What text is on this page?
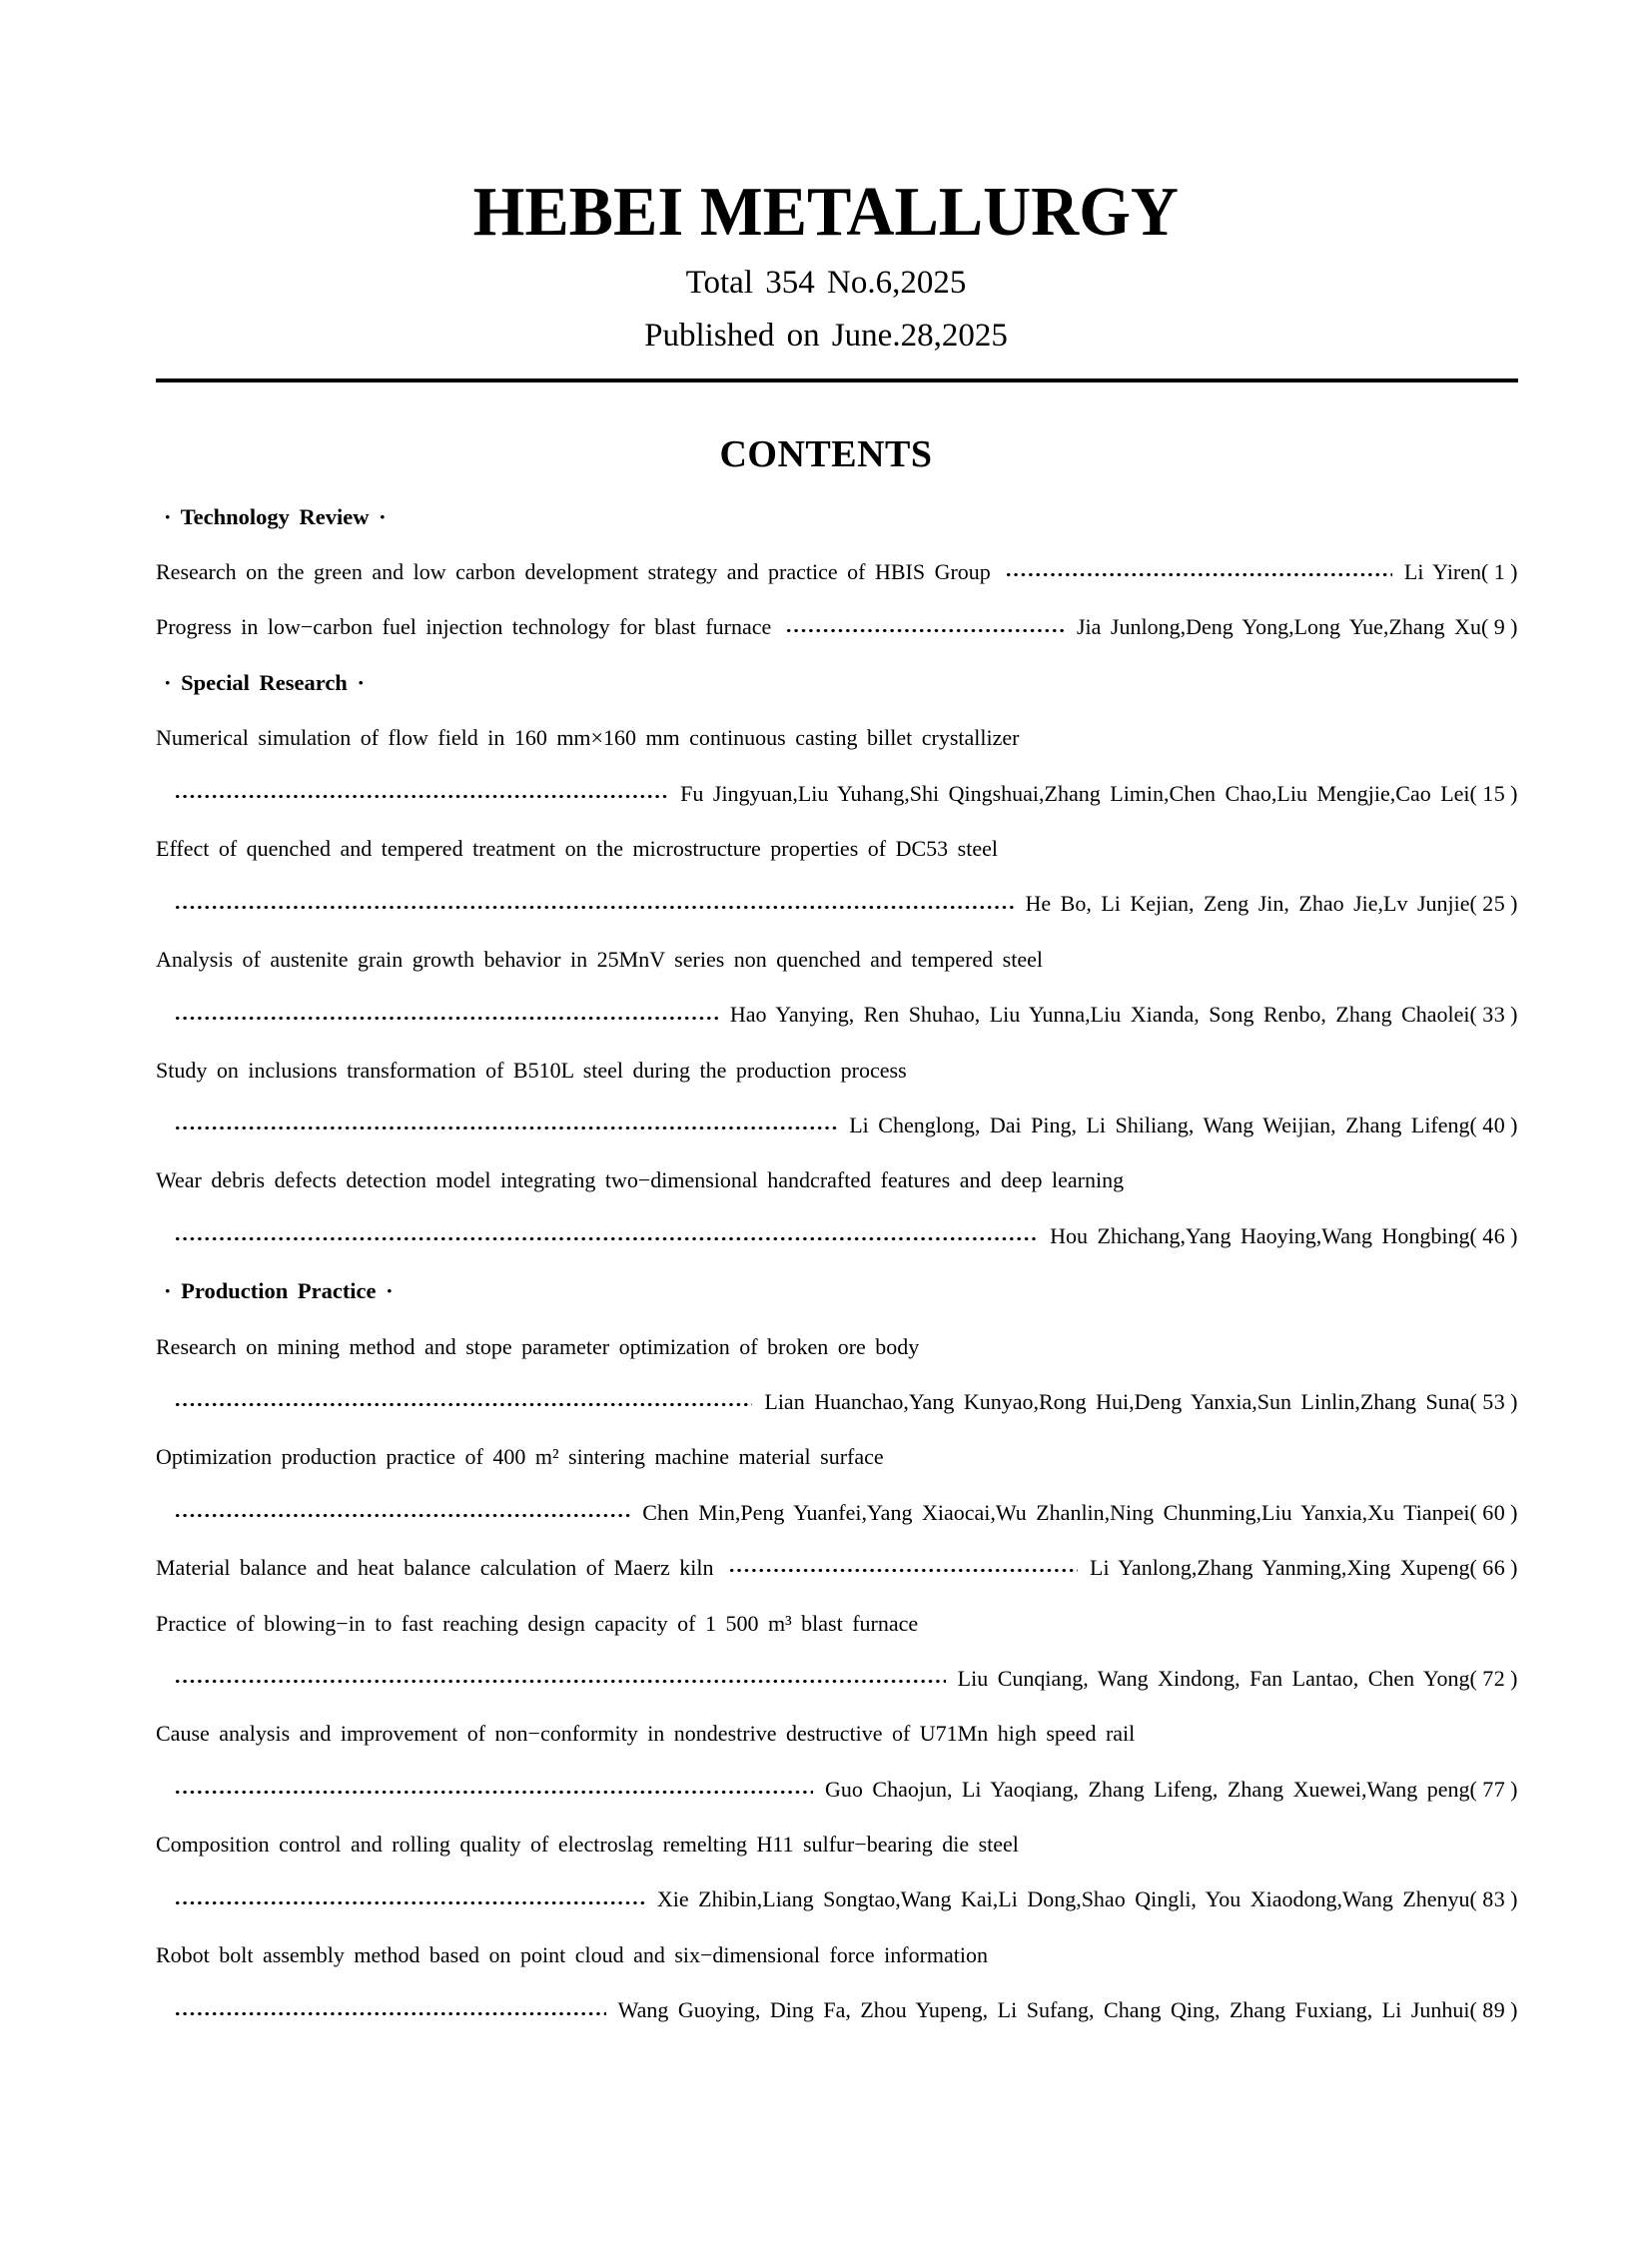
HEBEI METALLURGY
Total 354 No.6,2025
Published on June.28,2025
CONTENTS
· Technology Review ·
Research on the green and low carbon development strategy and practice of HBIS Group	Li Yiren( 1 )
Progress in low−carbon fuel injection technology for blast furnace	Jia Junlong,Deng Yong,Long Yue,Zhang Xu( 9 )
· Special Research ·
Numerical simulation of flow field in 160 mm×160 mm continuous casting billet crystallizer
Fu Jingyuan,Liu Yuhang,Shi Qingshuai,Zhang Limin,Chen Chao,Liu Mengjie,Cao Lei( 15 )
Effect of quenched and tempered treatment on the microstructure properties of DC53 steel
He Bo, Li Kejian, Zeng Jin, Zhao Jie,Lv Junjie( 25 )
Analysis of austenite grain growth behavior in 25MnV series non quenched and tempered steel
Hao Yanying, Ren Shuhao, Liu Yunna,Liu Xianda, Song Renbo, Zhang Chaolei( 33 )
Study on inclusions transformation of B510L steel during the production process
Li Chenglong, Dai Ping, Li Shiliang, Wang Weijian, Zhang Lifeng( 40 )
Wear debris defects detection model integrating two−dimensional handcrafted features and deep learning
Hou Zhichang,Yang Haoying,Wang Hongbing( 46 )
· Production Practice ·
Research on mining method and stope parameter optimization of broken ore body
Lian Huanchao,Yang Kunyao,Rong Hui,Deng Yanxia,Sun Linlin,Zhang Suna( 53 )
Optimization production practice of 400 m² sintering machine material surface
Chen Min,Peng Yuanfei,Yang Xiaocai,Wu Zhanlin,Ning Chunming,Liu Yanxia,Xu Tianpei( 60 )
Material balance and heat balance calculation of Maerz kiln	Li Yanlong,Zhang Yanming,Xing Xupeng( 66 )
Practice of blowing−in to fast reaching design capacity of 1 500 m³ blast furnace
Liu Cunqiang, Wang Xindong, Fan Lantao, Chen Yong( 72 )
Cause analysis and improvement of non−conformity in nondestrive destructive of U71Mn high speed rail
Guo Chaojun, Li Yaoqiang, Zhang Lifeng, Zhang Xuewei,Wang peng( 77 )
Composition control and rolling quality of electroslag remelting H11 sulfur−bearing die steel
Xie Zhibin,Liang Songtao,Wang Kai,Li Dong,Shao Qingli, You Xiaodong,Wang Zhenyu( 83 )
Robot bolt assembly method based on point cloud and six−dimensional force information
Wang Guoying, Ding Fa, Zhou Yupeng, Li Sufang, Chang Qing, Zhang Fuxiang, Li Junhui( 89 )
